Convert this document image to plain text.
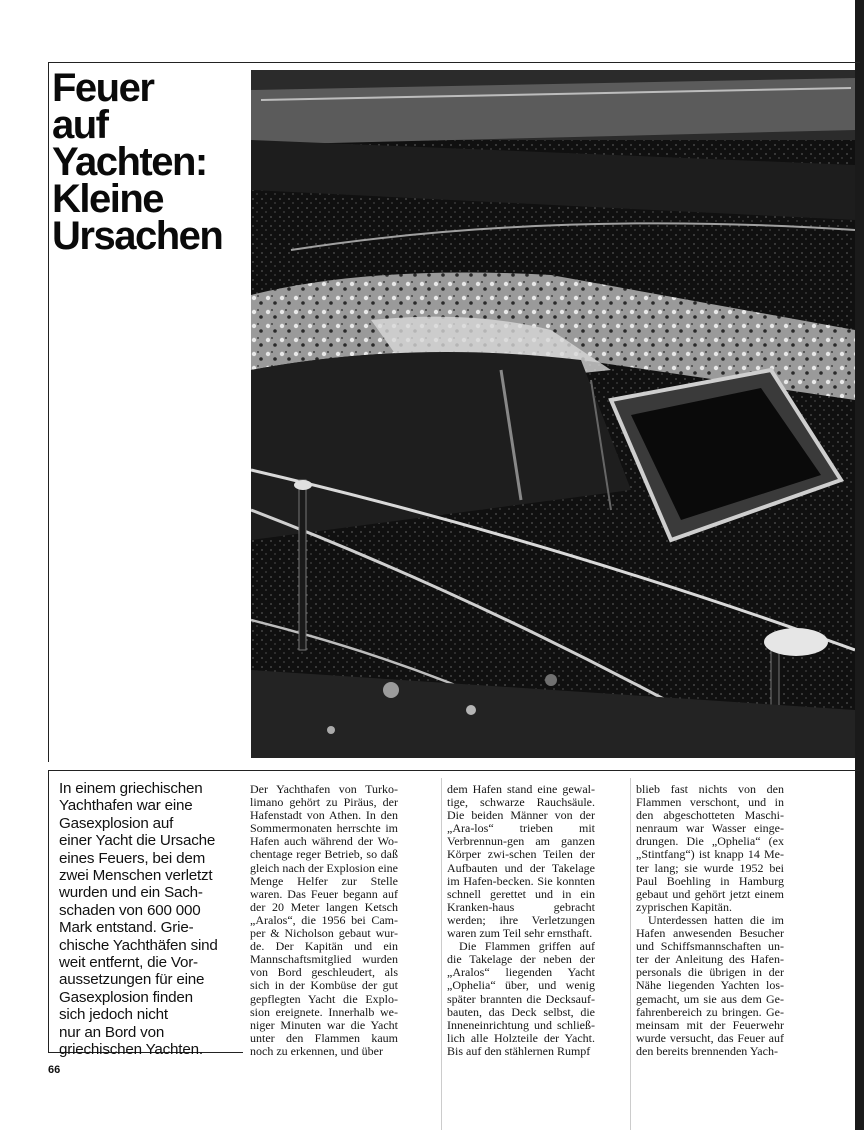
Feuer
auf
Yachten:
Kleine
Ursachen
In einem griechischen
Yachthafen war eine
Gasexplosion auf
einer Yacht die Ursache
eines Feuers, bei dem
zwei Menschen verletzt
wurden und ein Sach-
schaden von 600 000
Mark entstand. Grie-
chische Yachthäfen sind
weit entfernt, die Vor-
aussetzungen für eine
Gasexplosion finden
sich jedoch nicht
nur an Bord von
griechischen Yachten.

Der Yachthafen von Turko-limano gehört zu Piräus, der Hafenstadt von Athen. In den Sommermonaten herrschte im Hafen auch während der Wo-chentage reger Betrieb, so daß gleich nach der Explosion eine Menge Helfer zur Stelle waren. Das Feuer begann auf der 20 Meter langen Ketsch „Aralos“, die 1956 bei Cam-per & Nicholson gebaut wur-de. Der Kapitän und ein Mannschaftsmitglied wurden von Bord geschleudert, als sich in der Kombüse der gut gepflegten Yacht die Explo-sion ereignete. Innerhalb we-niger Minuten war die Yacht unter den Flammen kaum noch zu erkennen, und über

dem Hafen stand eine gewal-tige, schwarze Rauchsäule. Die beiden Männer von der „Ara-los“ trieben mit Verbrennun-gen am ganzen Körper zwi-schen Teilen der Aufbauten und der Takelage im Hafen-becken. Sie konnten schnell gerettet und in ein Kranken-haus gebracht werden; ihre Verletzungen waren zum Teil sehr ernsthaft.

Die Flammen griffen auf die Takelage der neben der „Aralos“ liegenden Yacht „Ophelia“ über, und wenig später brannten die Decksauf-bauten, das Deck selbst, die Inneneinrichtung und schließ-lich alle Holzteile der Yacht. Bis auf den stählernen Rumpf

blieb fast nichts von den Flammen verschont, und in den abgeschotteten Maschi-nenraum war Wasser einge-drungen. Die „Ophelia“ (ex „Stintfang“) ist knapp 14 Me-ter lang; sie wurde 1952 bei Paul Boehling in Hamburg gebaut und gehört jetzt einem zyprischen Kapitän.

Unterdessen hatten die im Hafen anwesenden Besucher und Schiffsmannschaften un-ter der Anleitung des Hafen-personals die übrigen in der Nähe liegenden Yachten los-gemacht, um sie aus dem Ge-fahrenbereich zu bringen. Ge-meinsam mit der Feuerwehr wurde versucht, das Feuer auf den bereits brennenden Yach-

66
